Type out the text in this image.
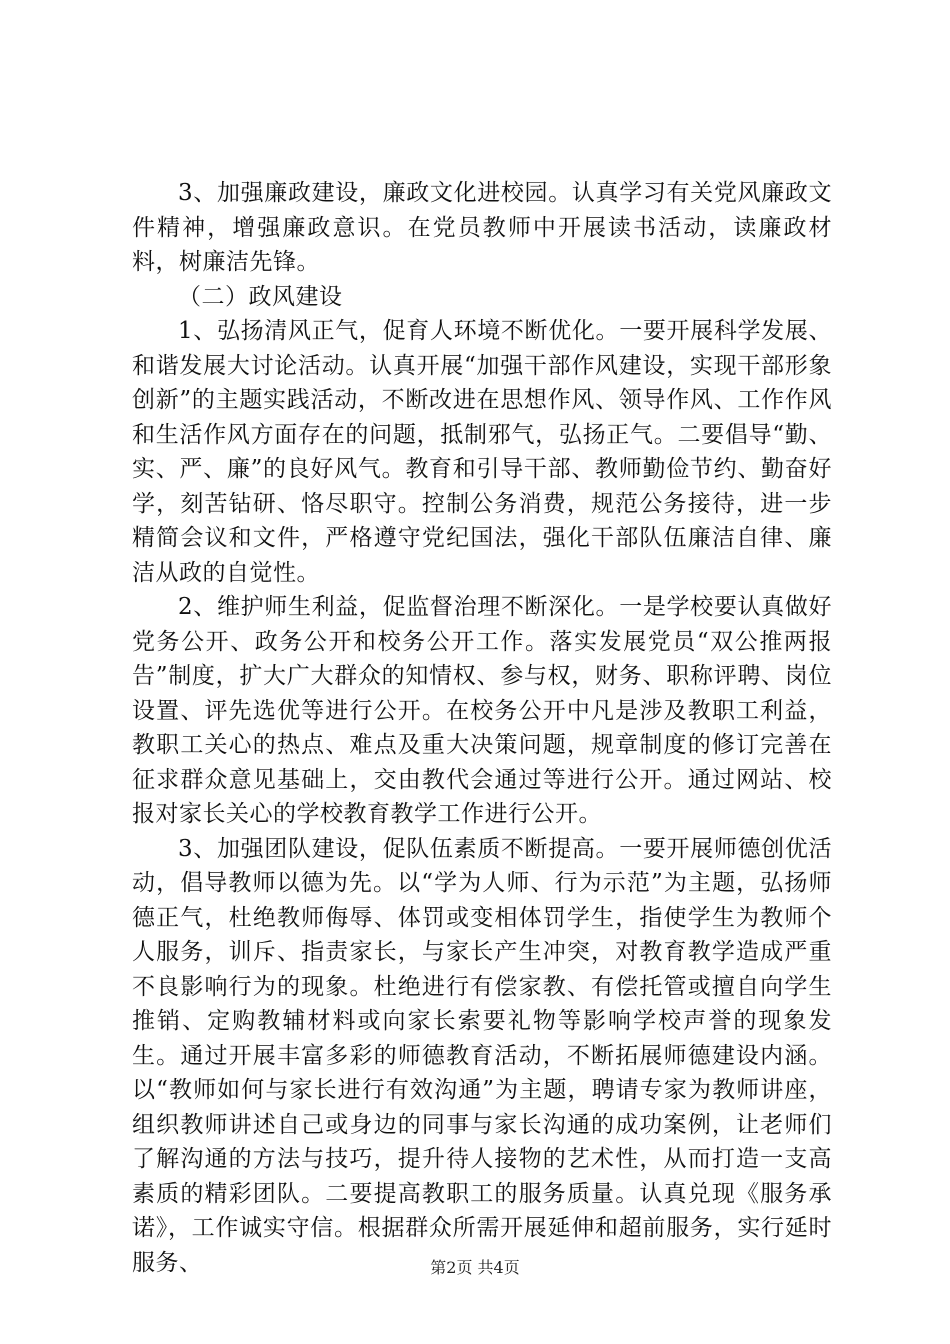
3、加强廉政建设，廉政文化进校园。认真学习有关党风廉政文件精神，增强廉政意识。在党员教师中开展读书活动，读廉政材料，树廉洁先锋。

（二）政风建设

1、弘扬清风正气，促育人环境不断优化。一要开展科学发展、和谐发展大讨论活动。认真开展“加强干部作风建设，实现干部形象创新”的主题实践活动，不断改进在思想作风、领导作风、工作作风和生活作风方面存在的问题，抵制邪气，弘扬正气。二要倡导“勤、实、严、廉”的良好风气。教育和引导干部、教师勤俭节约、勤奋好学，刻苦钻研、恪尽职守。控制公务消费，规范公务接待，进一步精简会议和文件，严格遵守党纪国法，强化干部队伍廉洁自律、廉洁从政的自觉性。

2、维护师生利益，促监督治理不断深化。一是学校要认真做好党务公开、政务公开和校务公开工作。落实发展党员“双公推两报告”制度，扩大广大群众的知情权、参与权，财务、职称评聘、岗位设置、评先选优等进行公开。在校务公开中凡是涉及教职工利益，教职工关心的热点、难点及重大决策问题，规章制度的修订完善在征求群众意见基础上，交由教代会通过等进行公开。通过网站、校报对家长关心的学校教育教学工作进行公开。

3、加强团队建设，促队伍素质不断提高。一要开展师德创优活动，倡导教师以德为先。以“学为人师、行为示范”为主题，弘扬师德正气，杜绝教师侮辱、体罚或变相体罚学生，指使学生为教师个人服务，训斥、指责家长，与家长产生冲突，对教育教学造成严重不良影响行为的现象。杜绝进行有偿家教、有偿托管或擅自向学生推销、定购教辅材料或向家长索要礼物等影响学校声誉的现象发生。通过开展丰富多彩的师德教育活动，不断拓展师德建设内涵。以“教师如何与家长进行有效沟通”为主题，聘请专家为教师讲座，组织教师讲述自己或身边的同事与家长沟通的成功案例，让老师们了解沟通的方法与技巧，提升待人接物的艺术性，从而打造一支高素质的精彩团队。二要提高教职工的服务质量。认真兑现《服务承诺》，工作诚实守信。根据群众所需开展延伸和超前服务，实行延时服务、	第2页 共4页
